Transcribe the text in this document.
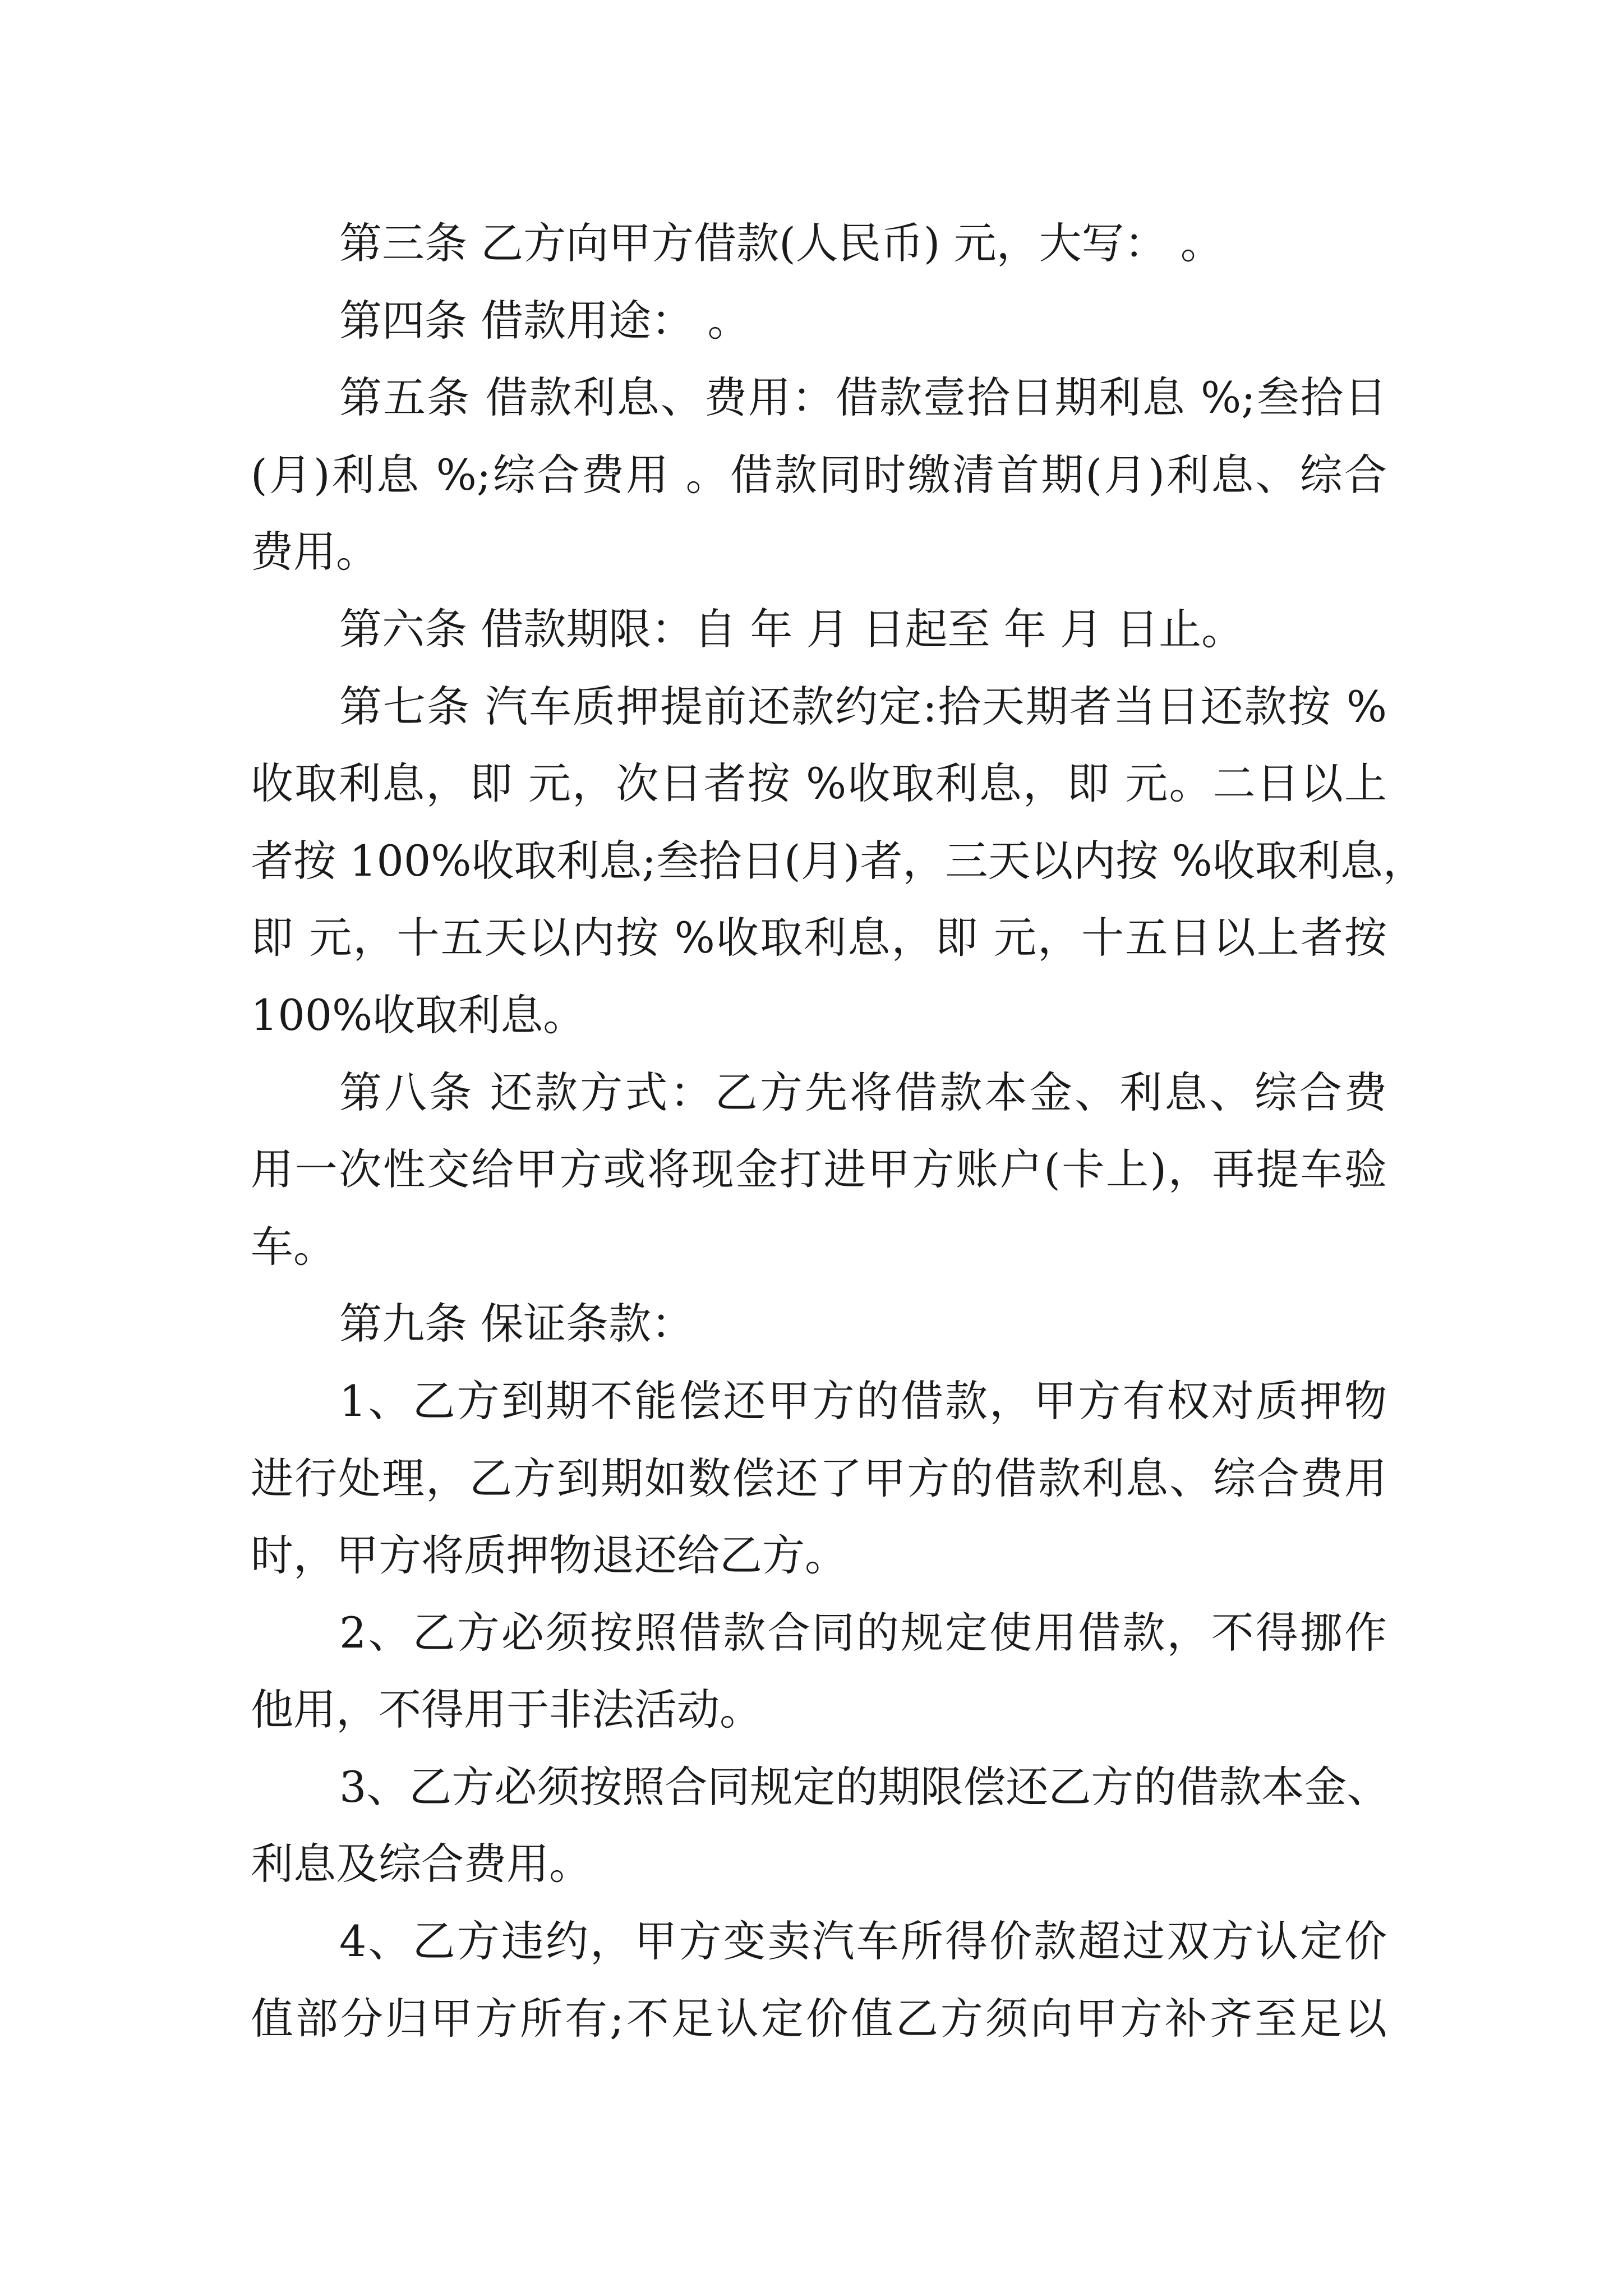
第三条 乙方向甲方借款(人民币) 元，大写： 。
第四条 借款用途： 。
第五条 借款利息、费用：借款壹拾日期利息 %;叁拾日
(月)利息 %;综合费用 。借款同时缴清首期(月)利息、综合
费用。
第六条 借款期限：自 年 月 日起至 年 月 日止。
第七条 汽车质押提前还款约定:拾天期者当日还款按 %
收取利息，即 元，次日者按 %收取利息，即 元。二日以上
者按 100%收取利息;叁拾日(月)者，三天以内按 %收取利息，
即 元，十五天以内按 %收取利息，即 元，十五日以上者按
100%收取利息。
第八条 还款方式：乙方先将借款本金、利息、综合费
用一次性交给甲方或将现金打进甲方账户(卡上)，再提车验
车。
第九条 保证条款：
1、乙方到期不能偿还甲方的借款，甲方有权对质押物
进行处理，乙方到期如数偿还了甲方的借款利息、综合费用
时，甲方将质押物退还给乙方。
2、乙方必须按照借款合同的规定使用借款，不得挪作
他用，不得用于非法活动。
3、乙方必须按照合同规定的期限偿还乙方的借款本金、
利息及综合费用。
4、乙方违约，甲方变卖汽车所得价款超过双方认定价
值部分归甲方所有;不足认定价值乙方须向甲方补齐至足以
